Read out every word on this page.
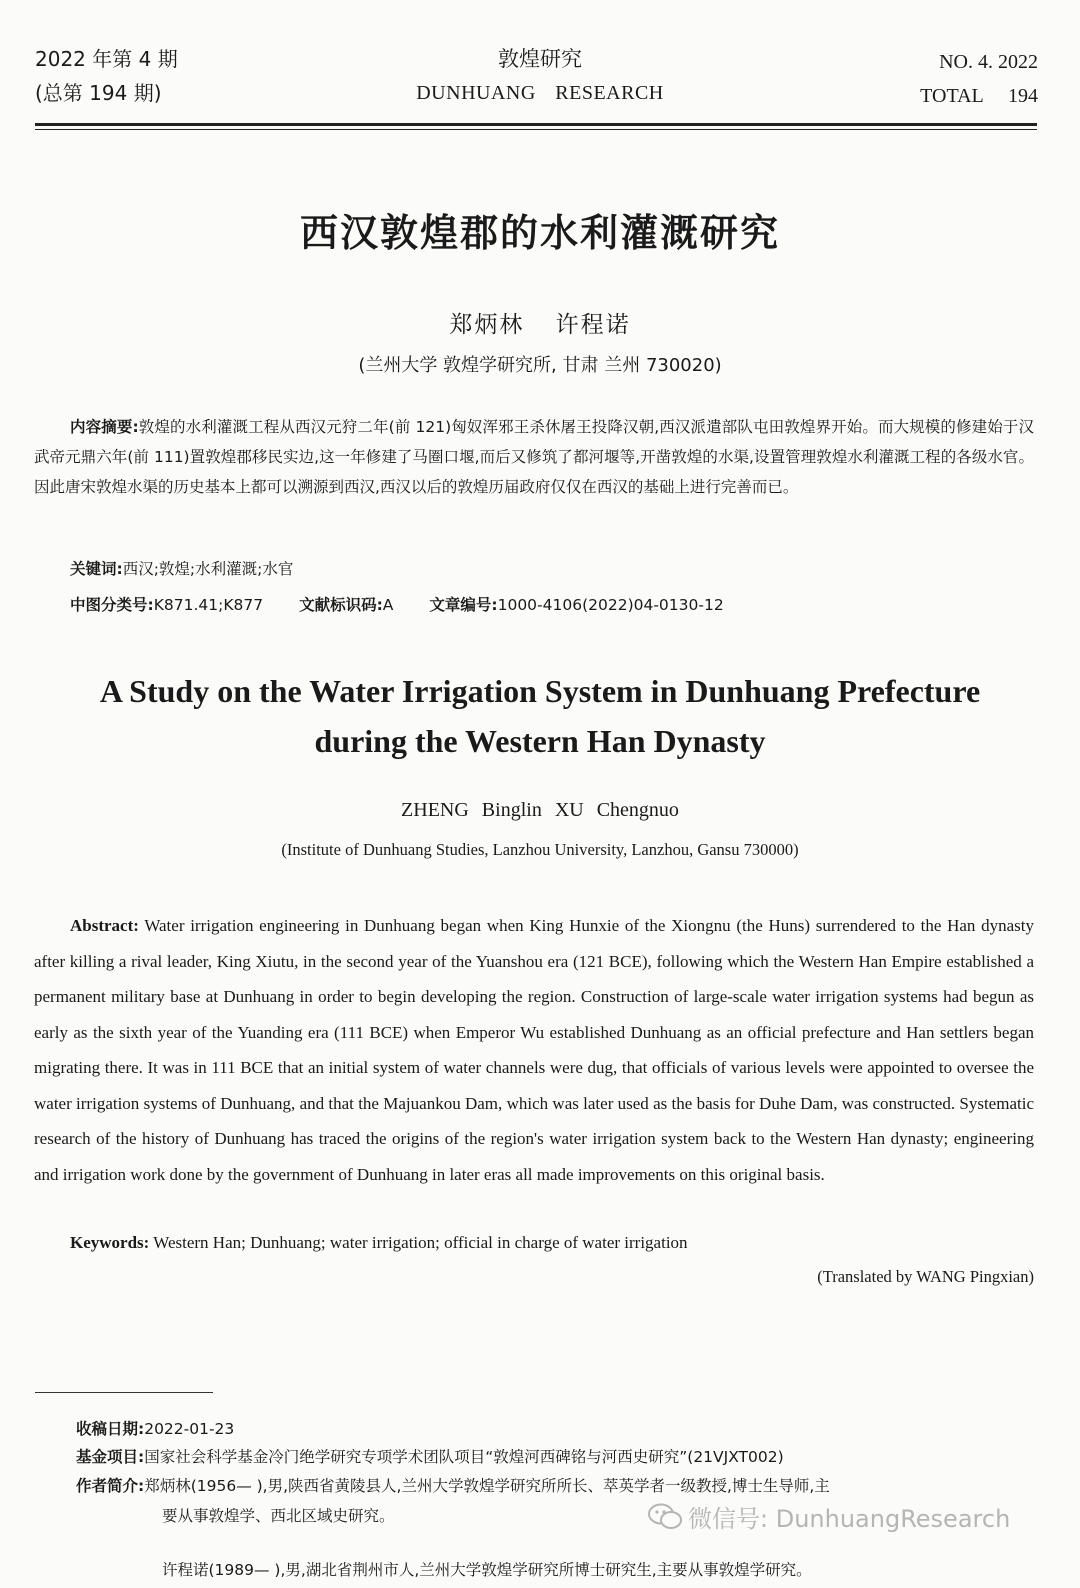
2022 年第 4 期
(总第 194 期)
敦煌研究
DUNHUANG RESEARCH
NO. 4. 2022
TOTAL 194
西汉敦煌郡的水利灌溉研究
郑炳林 许程诺
(兰州大学 敦煌学研究所, 甘肃 兰州 730020)
内容摘要:敦煌的水利灌溉工程从西汉元狩二年(前 121)匈奴浑邪王杀休屠王投降汉朝,西汉派遣部队屯田敦煌界开始。而大规模的修建始于汉武帝元鼎六年(前 111)置敦煌郡移民实边,这一年修建了马圈口堰,而后又修筑了都河堰等,开凿敦煌的水渠,设置管理敦煌水利灌溉工程的各级水官。因此唐宋敦煌水渠的历史基本上都可以溯源到西汉,西汉以后的敦煌历届政府仅仅在西汉的基础上进行完善而已。
关键词:西汉;敦煌;水利灌溉;水官
中图分类号:K871.41;K877 文献标识码:A 文章编号:1000-4106(2022)04-0130-12
A Study on the Water Irrigation System in Dunhuang Prefecture
during the Western Han Dynasty
ZHENG Binglin XU Chengnuo
(Institute of Dunhuang Studies, Lanzhou University, Lanzhou, Gansu 730000)
Abstract: Water irrigation engineering in Dunhuang began when King Hunxie of the Xiongnu (the Huns) surrendered to the Han dynasty after killing a rival leader, King Xiutu, in the second year of the Yuanshou era (121 BCE), following which the Western Han Empire established a permanent military base at Dunhuang in order to begin developing the region. Construction of large-scale water irrigation systems had begun as early as the sixth year of the Yuanding era (111 BCE) when Emperor Wu established Dunhuang as an official prefecture and Han settlers began migrating there. It was in 111 BCE that an initial system of water channels were dug, that officials of various levels were appointed to oversee the water irrigation systems of Dunhuang, and that the Majuankou Dam, which was later used as the basis for Duhe Dam, was constructed. Systematic research of the history of Dunhuang has traced the origins of the region's water irrigation system back to the Western Han dynasty; engineering and irrigation work done by the government of Dunhuang in later eras all made improvements on this original basis.
Keywords: Western Han; Dunhuang; water irrigation; official in charge of water irrigation
(Translated by WANG Pingxian)
收稿日期:2022-01-23
基金项目:国家社会科学基金冷门绝学研究专项学术团队项目“敦煌河西碑铭与河西史研究”(21VJXT002)
作者简介:郑炳林(1956— ),男,陕西省黄陵县人,兰州大学敦煌学研究所所长、萃英学者一级教授,博士生导师,主
要从事敦煌学、西北区域史研究。
许程诺(1989— ),男,湖北省荆州市人,兰州大学敦煌学研究所博士研究生,主要从事敦煌学研究。
微信号: DunhuangResearch
